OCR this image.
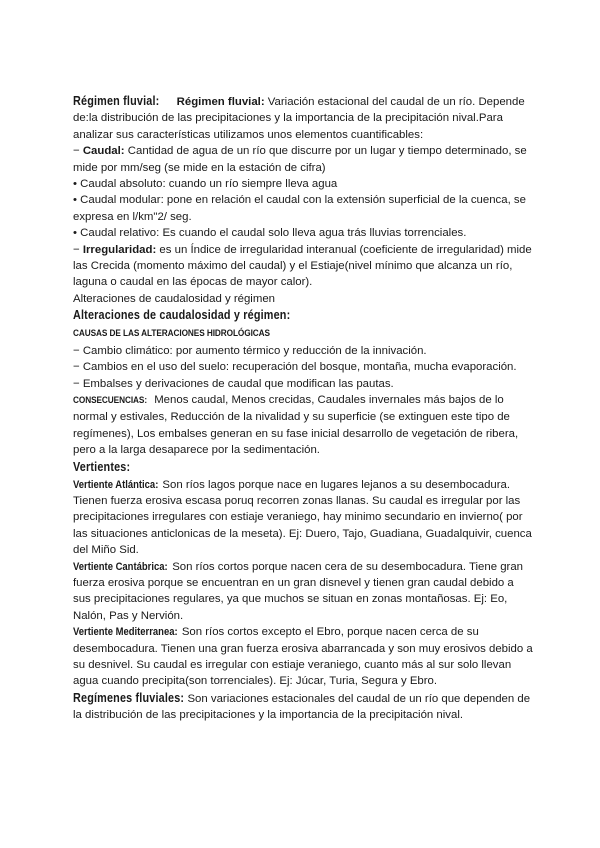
Régimen fluvial: Régimen fluvial: Variación estacional del caudal de un río. Depende de:la distribución de las precipitaciones y la importancia de la precipitación nival.Para analizar sus características utilizamos unos elementos cuantificables:

− Caudal: Cantidad de agua de un río que discurre por un lugar y tiempo determinado, se mide por mm/seg (se mide en la estación de cifra)

• Caudal absoluto: cuando un río siempre lleva agua

• Caudal modular: pone en relación el caudal con la extensión superficial de la cuenca, se expresa en l/km"2/ seg.

• Caudal relativo: Es cuando el caudal solo lleva agua trás lluvias torrenciales.

− Irregularidad: es un Índice de irregularidad interanual (coeficiente de irregularidad) mide las Crecida (momento máximo del caudal) y el Estiaje(nivel mínimo que alcanza un río, laguna o caudal en las épocas de mayor calor).

Alteraciones de caudalosidad y régimen

Alteraciones de caudalosidad y régimen:

CAUSAS DE LAS ALTERACIONES HIDROLÓGICAS

− Cambio climático: por aumento térmico y reducción de la innivación.

− Cambios en el uso del suelo: recuperación del bosque, montaña, mucha evaporación.

− Embalses y derivaciones de caudal que modifican las pautas.

CONSECUENCIAS: Menos caudal, Menos crecidas, Caudales invernales más bajos de lo normal y estivales, Reducción de la nivalidad y su superficie (se extinguen este tipo de regímenes), Los embalses generan en su fase inicial desarrollo de vegetación de ribera, pero a la larga desaparece por la sedimentación.

Vertientes:

Vertiente Atlántica: Son ríos lagos porque nace en lugares lejanos a su desembocadura. Tienen fuerza erosiva escasa poruq recorren zonas llanas. Su caudal es irregular por las precipitaciones irregulares con estiaje veraniego, hay minimo secundario en invierno( por las situaciones anticlonicas de la meseta). Ej: Duero, Tajo, Guadiana, Guadalquivir, cuenca del Miño Sid.

Vertiente Cantábrica: Son ríos cortos porque nacen cera de su desembocadura. Tiene gran fuerza erosiva porque se encuentran en un gran disnevel y tienen gran caudal debido a sus precipitaciones regulares, ya que muchos se situan en zonas montañosas. Ej: Eo, Nalón, Pas y Nervión.

Vertiente Mediterranea: Son ríos cortos excepto el Ebro, porque nacen cerca de su desembocadura. Tienen una gran fuerza erosiva abarrancada y son muy erosivos debido a su desnivel. Su caudal es irregular con estiaje veraniego, cuanto más al sur solo llevan agua cuando precipita(son torrenciales). Ej: Júcar, Turia, Segura y Ebro.

Regímenes fluviales: Son variaciones estacionales del caudal de un río que dependen de la distribución de las precipitaciones y la importancia de la precipitación nival.
